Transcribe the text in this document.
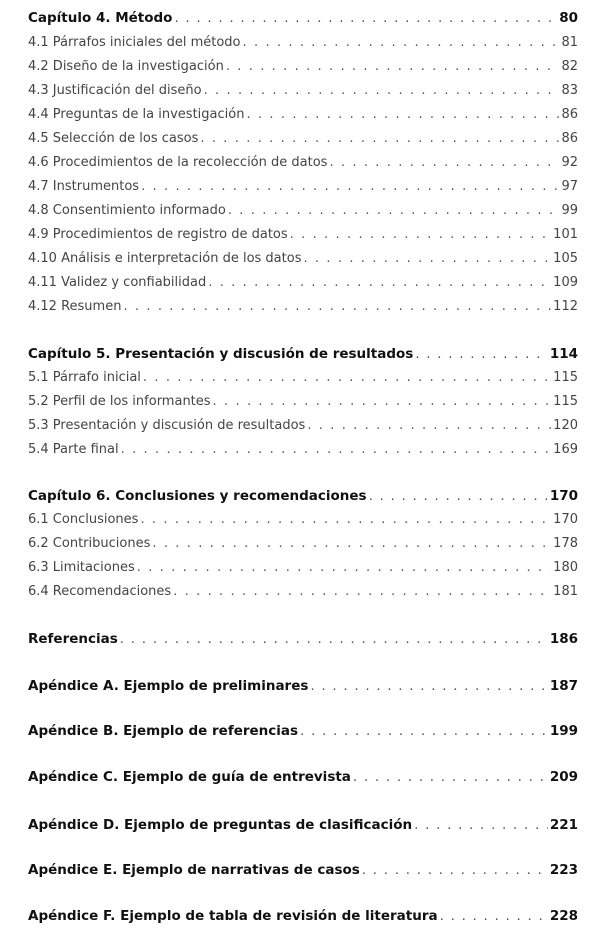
Capítulo 4. Método . . .	80
4.1 Párrafos iniciales del método . . .	81
4.2 Diseño de la investigación . . .	82
4.3 Justificación del diseño . . .	83
4.4 Preguntas de la investigación . . .	86
4.5 Selección de los casos . . .	86
4.6 Procedimientos de la recolección de datos . . .	92
4.7 Instrumentos . . .	97
4.8 Consentimiento informado . . .	99
4.9 Procedimientos de registro de datos . . .	101
4.10 Análisis e interpretación de los datos . . .	105
4.11 Validez y confiabilidad . . .	109
4.12 Resumen . . .	112
Capítulo 5. Presentación y discusión de resultados . . .	114
5.1 Párrafo inicial . . .	115
5.2 Perfil de los informantes . . .	115
5.3 Presentación y discusión de resultados . . .	120
5.4 Parte final . . .	169
Capítulo 6. Conclusiones y recomendaciones . . .	170
6.1 Conclusiones . . .	170
6.2 Contribuciones . . .	178
6.3 Limitaciones . . .	180
6.4 Recomendaciones . . .	181
Referencias . . .	186
Apéndice A. Ejemplo de preliminares . . .	187
Apéndice B. Ejemplo de referencias . . .	199
Apéndice C. Ejemplo de guía de entrevista . . .	209
Apéndice D. Ejemplo de preguntas de clasificación . . .	221
Apéndice E. Ejemplo de narrativas de casos . . .	223
Apéndice F. Ejemplo de tabla de revisión de literatura . . .	228
